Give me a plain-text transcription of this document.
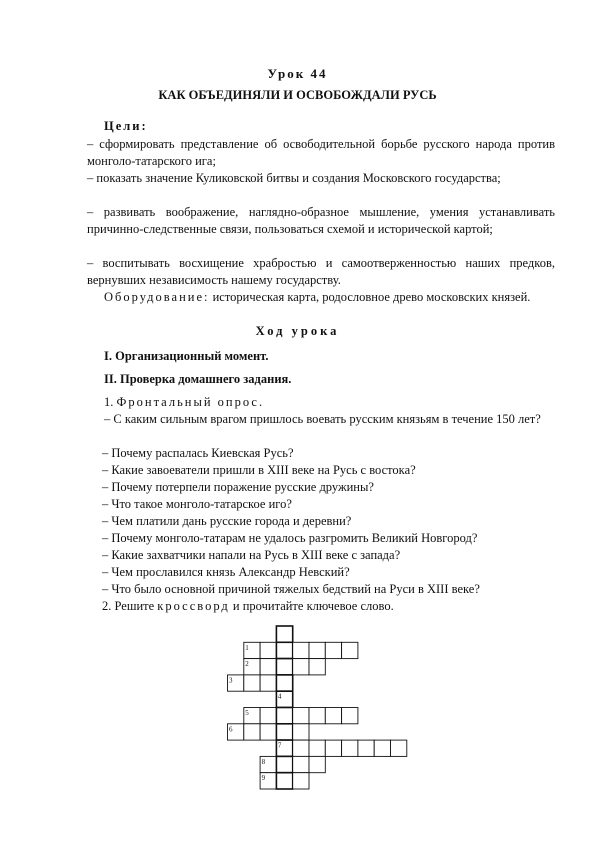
Урок 44
КАК ОБЪЕДИНЯЛИ И ОСВОБОЖДАЛИ РУСЬ
Цели:
– сформировать представление об освободительной борьбе русского народа против монголо-татарского ига;
– показать значение Куликовской битвы и создания Московского государства;
– развивать воображение, наглядно-образное мышление, умения устанавливать причинно-следственные связи, пользоваться схемой и исторической картой;
– воспитывать восхищение храбростью и самоотверженностью наших предков, вернувших независимость нашему государству.
Оборудование: историческая карта, родословное древо московских князей.
Ход урока
I. Организационный момент.
II. Проверка домашнего задания.
1. Фронтальный опрос.
– С каким сильным врагом пришлось воевать русским князьям в течение 150 лет?
– Почему распалась Киевская Русь?
– Какие завоеватели пришли в XIII веке на Русь с востока?
– Почему потерпели поражение русские дружины?
– Что такое монголо-татарское иго?
– Чем платили дань русские города и деревни?
– Почему монголо-татарам не удалось разгромить Великий Новгород?
– Какие захватчики напали на Русь в XIII веке с запада?
– Чем прославился князь Александр Невский?
– Что было основной причиной тяжелых бедствий на Руси в XIII веке?
2. Решите кроссворд и прочитайте ключевое слово.
1
2
3
4
5
6
7
8
9
